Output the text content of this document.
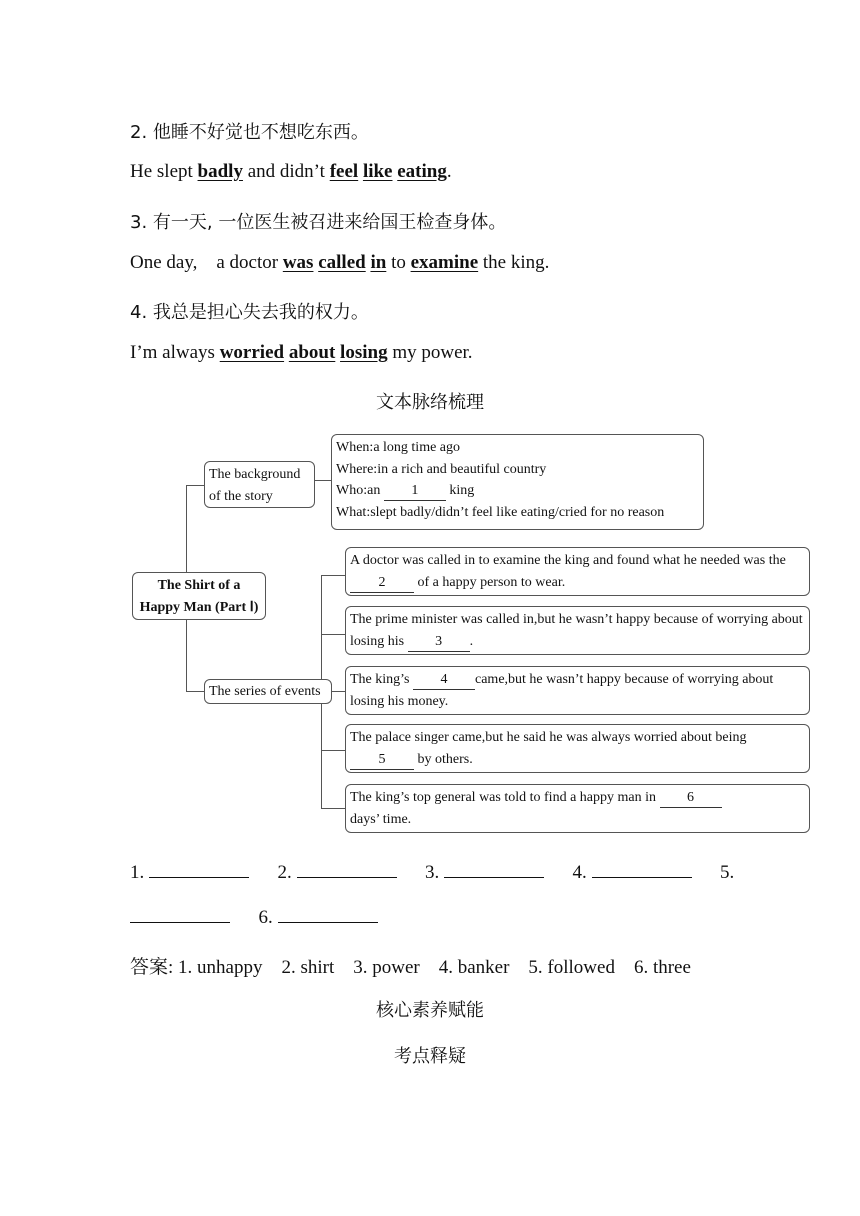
2. 他睡不好觉也不想吃东西。
He slept badly and didn’t feel like eating.
3. 有一天, 一位医生被召进来给国王检查身体。
One day,    a doctor was called in to examine the king.
4. 我总是担心失去我的权力。
I’m always worried about losing my power.
文本脉络梳理
The Shirt of a
Happy Man (Part Ⅰ)
The background
of the story
When:a long time ago
Where:in a rich and beautiful country
Who:an 1 king
What:slept badly/didn’t feel like eating/cried for no reason
The series of events
A doctor was called in to examine the king and found what he needed was the 2 of a happy person to wear.
The prime minister was called in,but he wasn’t happy because of worrying about losing his 3 .
The king’s 4 came,but he wasn’t happy because of worrying about losing his money.
The palace singer came,but he said he was always worried about being 5 by others.
The king’s top general was told to find a happy man in 6
days’ time.
1.	2.	3.	4.	5.
6.
答案: 1. unhappy    2. shirt    3. power    4. banker    5. followed    6. three
核心素养赋能
考点释疑
